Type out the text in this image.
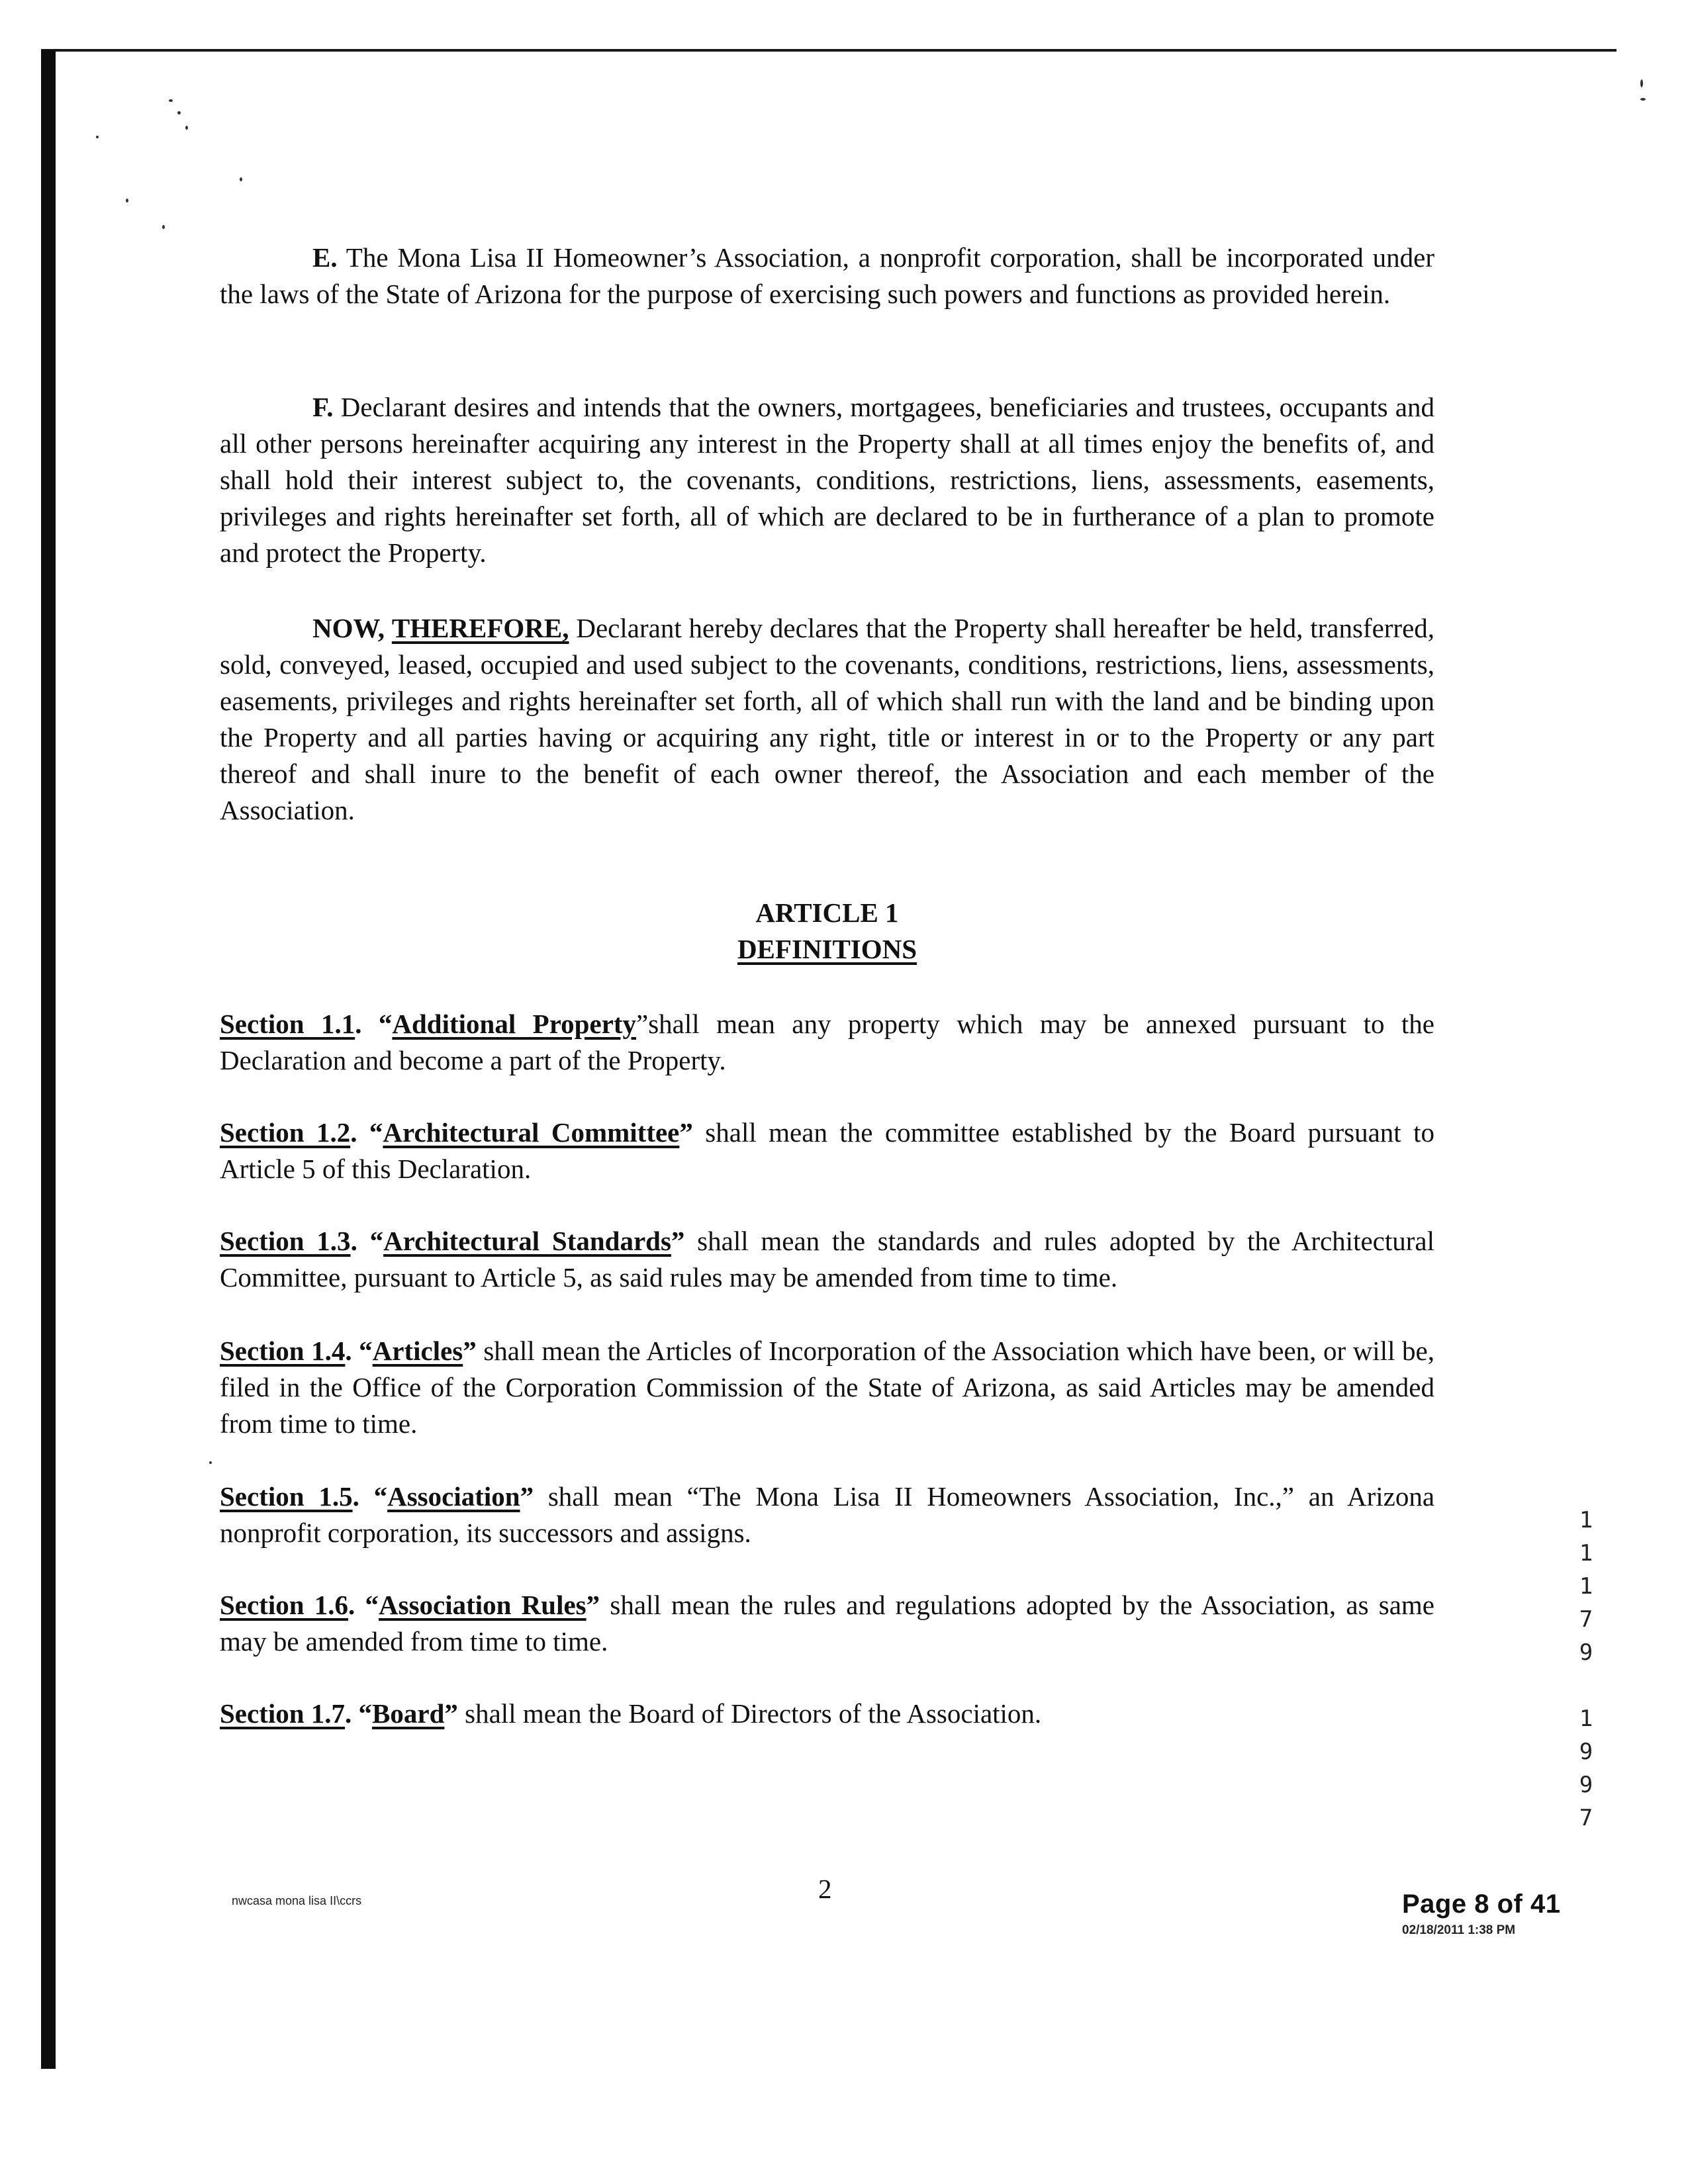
E. The Mona Lisa II Homeowner’s Association, a nonprofit corporation, shall be incorporated under the laws of the State of Arizona for the purpose of exercising such powers and functions as provided herein.

F. Declarant desires and intends that the owners, mortgagees, beneficiaries and trustees, occupants and all other persons hereinafter acquiring any interest in the Property shall at all times enjoy the benefits of, and shall hold their interest subject to, the covenants, conditions, restrictions, liens, assessments, easements, privileges and rights hereinafter set forth, all of which are declared to be in furtherance of a plan to promote and protect the Property.

NOW, THEREFORE, Declarant hereby declares that the Property shall hereafter be held, transferred, sold, conveyed, leased, occupied and used subject to the covenants, conditions, restrictions, liens, assessments, easements, privileges and rights hereinafter set forth, all of which shall run with the land and be binding upon the Property and all parties having or acquiring any right, title or interest in or to the Property or any part thereof and shall inure to the benefit of each owner thereof, the Association and each member of the Association.

ARTICLE 1
DEFINITIONS

Section 1.1. “Additional Property”shall mean any property which may be annexed pursuant to the Declaration and become a part of the Property.

Section 1.2. “Architectural Committee” shall mean the committee established by the Board pursuant to Article 5 of this Declaration.

Section 1.3. “Architectural Standards” shall mean the standards and rules adopted by the Architectural Committee, pursuant to Article 5, as said rules may be amended from time to time.

Section 1.4. “Articles” shall mean the Articles of Incorporation of the Association which have been, or will be, filed in the Office of the Corporation Commission of the State of Arizona, as said Articles may be amended from time to time.

Section 1.5. “Association” shall mean “The Mona Lisa II Homeowners Association, Inc.,” an Arizona nonprofit corporation, its successors and assigns.

Section 1.6. “Association Rules” shall mean the rules and regulations adopted by the Association, as same may be amended from time to time.

Section 1.7. “Board” shall mean the Board of Directors of the Association.

11179
1997
nwcasa mona lisa II\ccrs	2	Page 8 of 41
02/18/2011 1:38 PM
